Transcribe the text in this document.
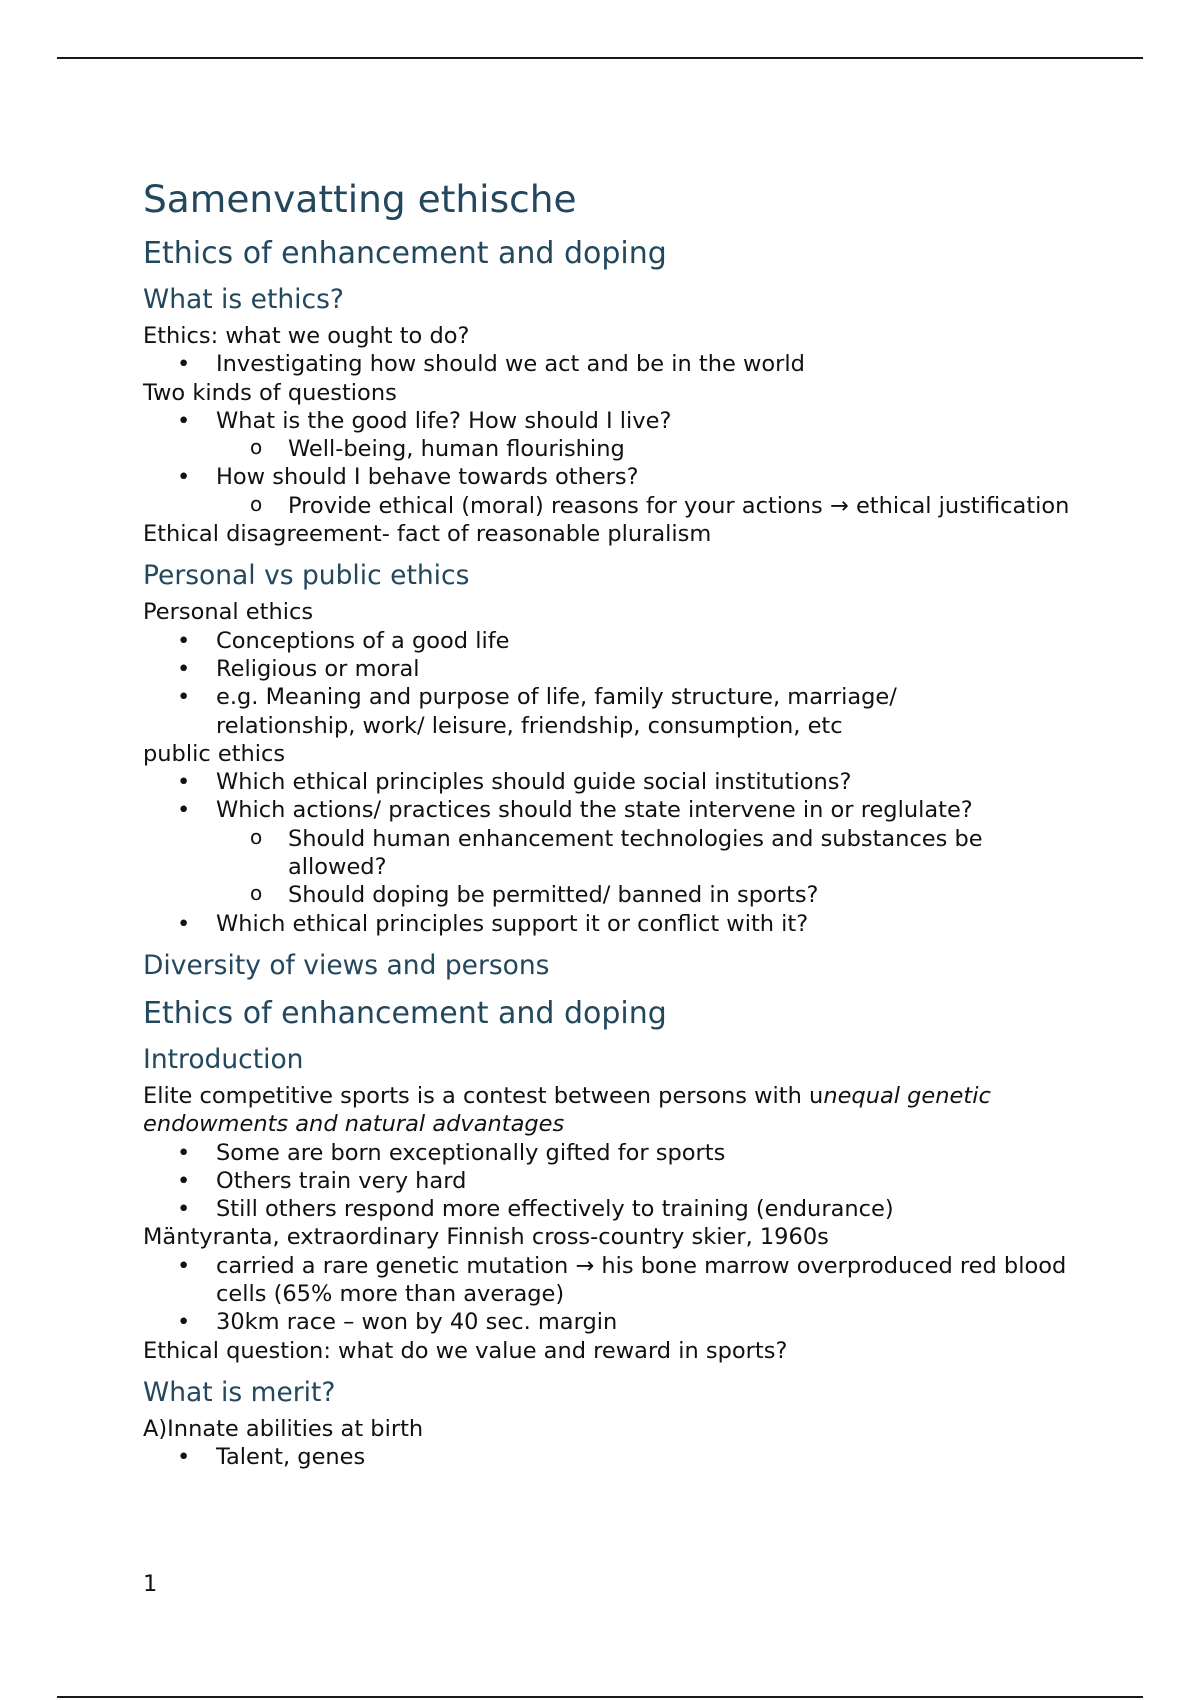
Samenvatting ethische
Ethics of enhancement and doping
What is ethics?

Ethics: what we ought to do?

• Investigating how should we act and be in the world

Two kinds of questions

• What is the good life? How should I live?
o Well-being, human flourishing
• How should I behave towards others?
o Provide ethical (moral) reasons for your actions → ethical justification

Ethical disagreement- fact of reasonable pluralism

Personal vs public ethics

Personal ethics

• Conceptions of a good life
• Religious or moral
• e.g. Meaning and purpose of life, family structure, marriage/ relationship, work/ leisure, friendship, consumption, etc

public ethics

• Which ethical principles should guide social institutions?
• Which actions/ practices should the state intervene in or reglulate?
o Should human enhancement technologies and substances be allowed?
o Should doping be permitted/ banned in sports?
• Which ethical principles support it or conflict with it?
Diversity of views and persons
Ethics of enhancement and doping
Introduction

Elite competitive sports is a contest between persons with unequal genetic endowments and natural advantages

• Some are born exceptionally gifted for sports
• Others train very hard
• Still others respond more effectively to training (endurance)

Mäntyranta, extraordinary Finnish cross-country skier, 1960s

• carried a rare genetic mutation → his bone marrow overproduced red blood cells (65% more than average)
• 30km race – won by 40 sec. margin

Ethical question: what do we value and reward in sports?

What is merit?

A)Innate abilities at birth

• Talent, genes
1
